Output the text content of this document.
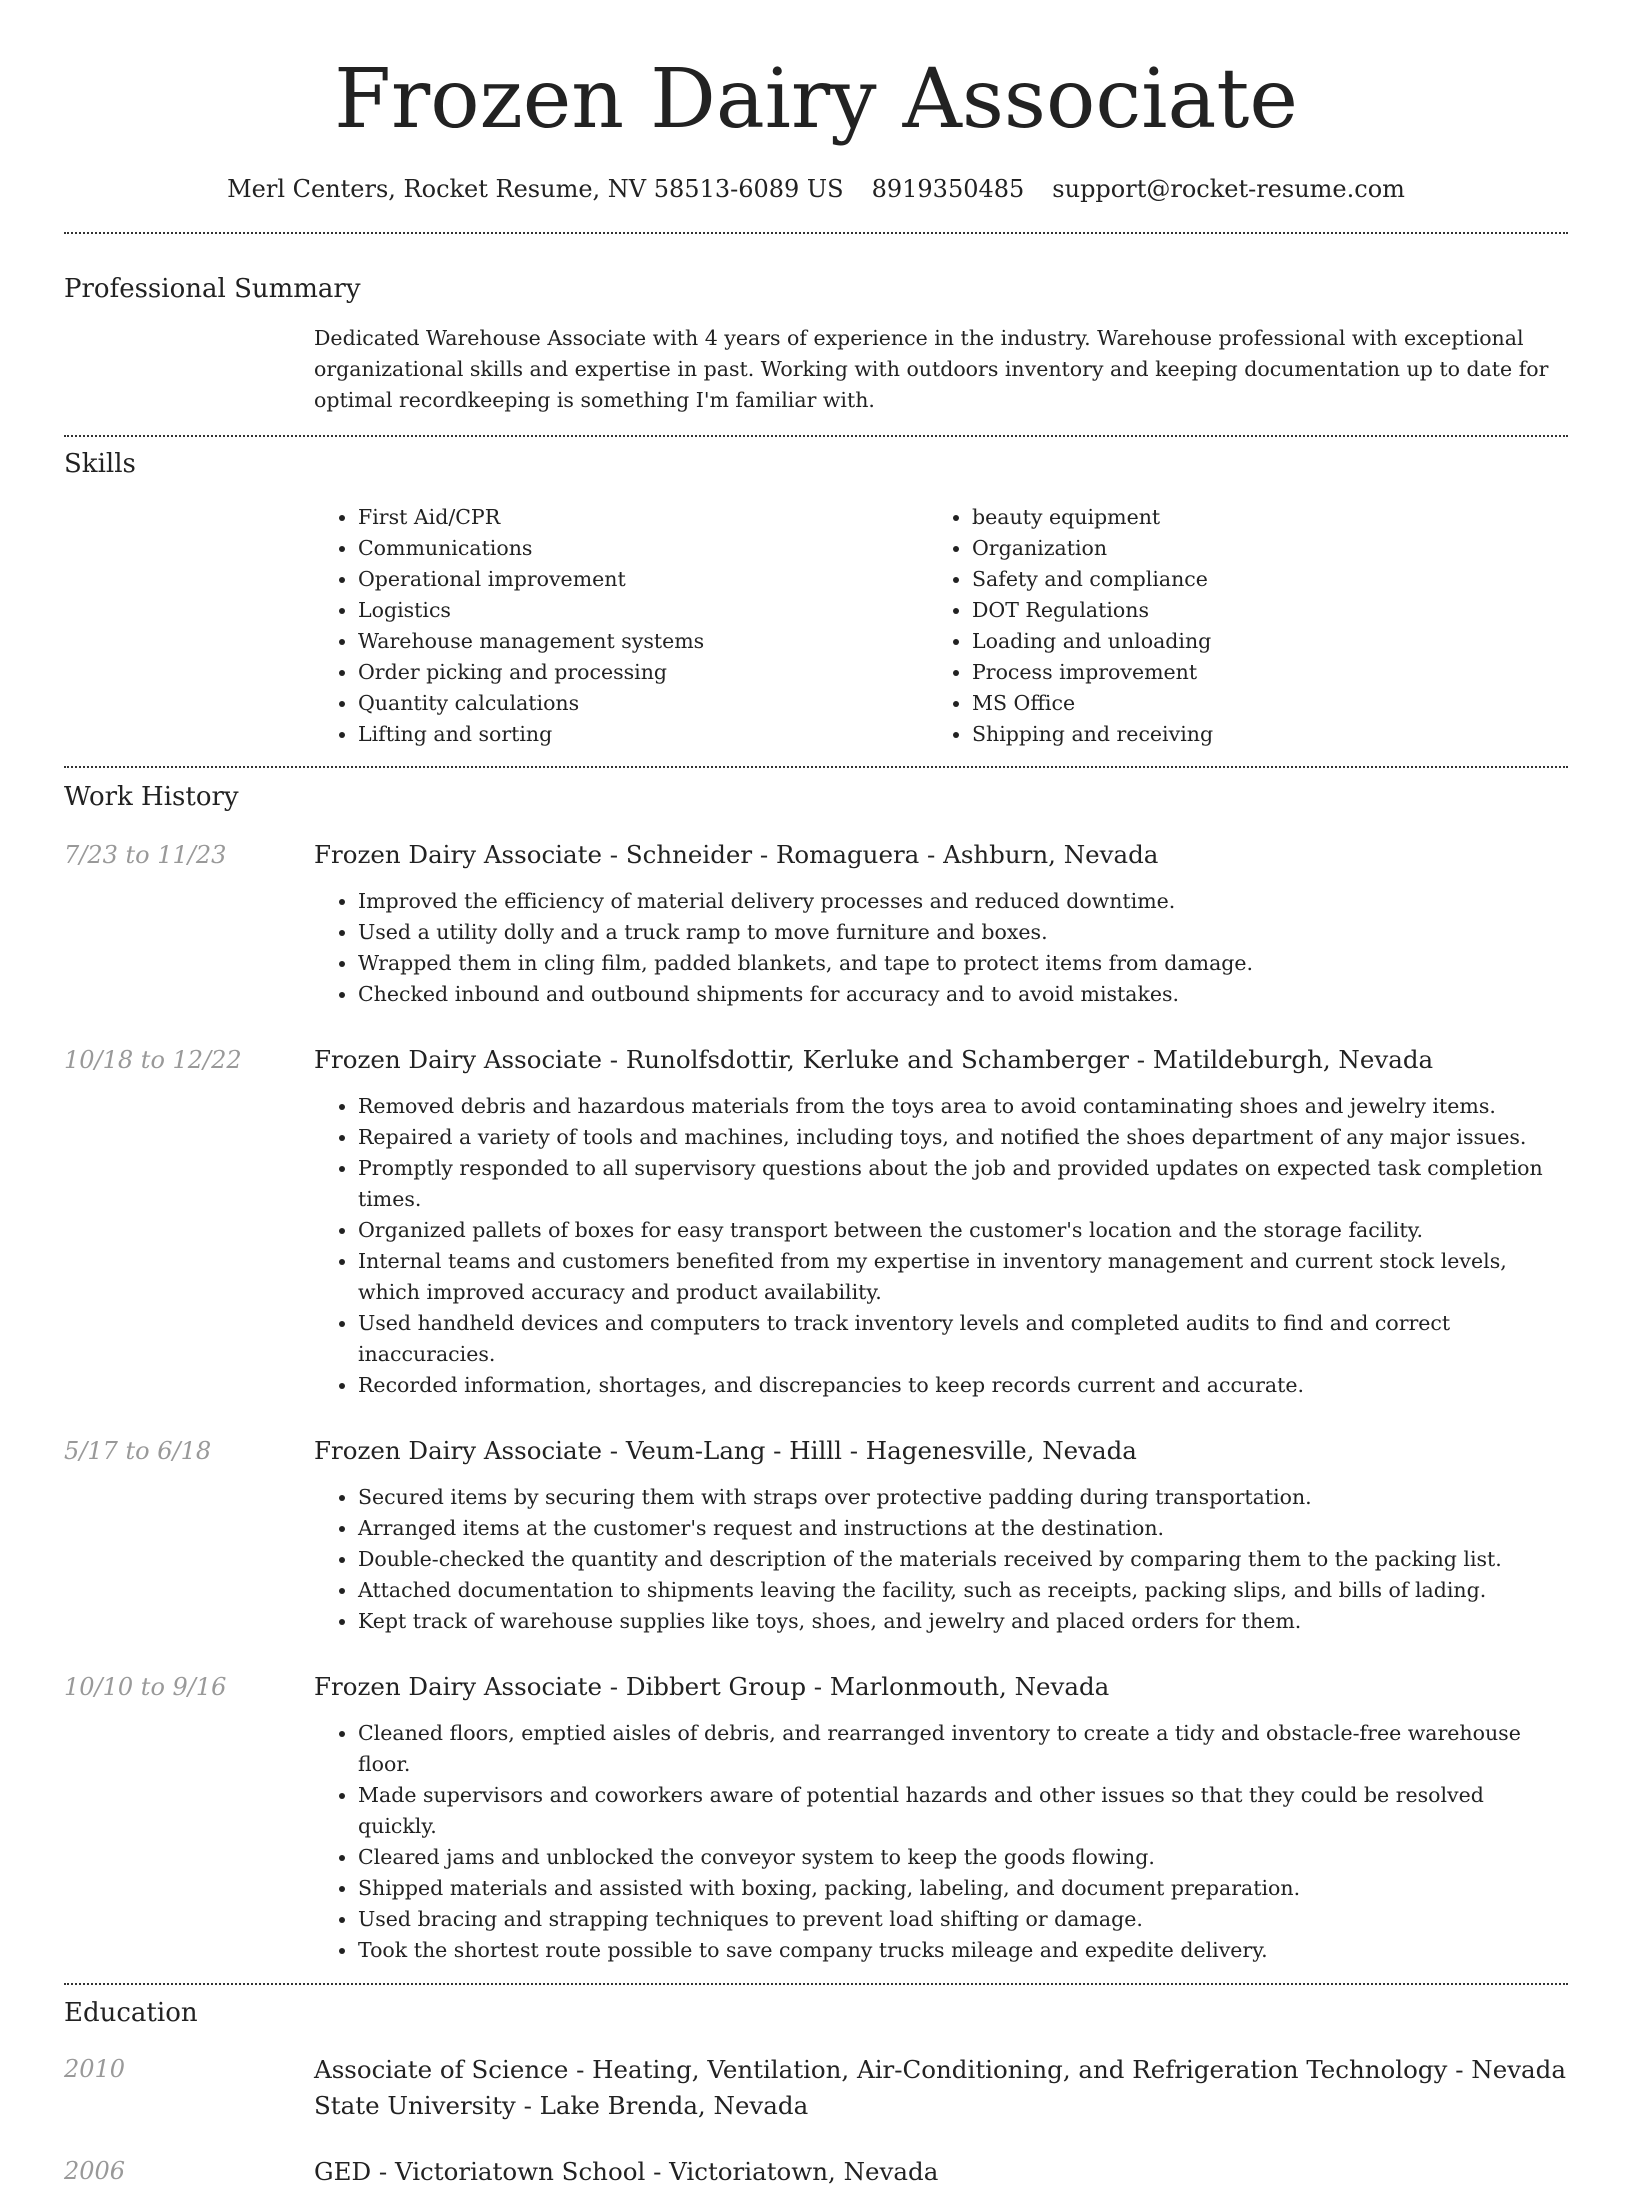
Frozen Dairy Associate
Merl Centers, Rocket Resume, NV 58513-6089 US 8919350485 support@rocket-resume.com
Professional Summary
Dedicated Warehouse Associate with 4 years of experience in the industry. Warehouse professional with exceptional organizational skills and expertise in past. Working with outdoors inventory and keeping documentation up to date for optimal recordkeeping is something I'm familiar with.
Skills
• First Aid/CPR
• Communications
• Operational improvement
• Logistics
• Warehouse management systems
• Order picking and processing
• Quantity calculations
• Lifting and sorting
• beauty equipment
• Organization
• Safety and compliance
• DOT Regulations
• Loading and unloading
• Process improvement
• MS Office
• Shipping and receiving
Work History
7/23 to 11/23	Frozen Dairy Associate - Schneider - Romaguera - Ashburn, Nevada
• Improved the efficiency of material delivery processes and reduced downtime.
• Used a utility dolly and a truck ramp to move furniture and boxes.
• Wrapped them in cling film, padded blankets, and tape to protect items from damage.
• Checked inbound and outbound shipments for accuracy and to avoid mistakes.
10/18 to 12/22	Frozen Dairy Associate - Runolfsdottir, Kerluke and Schamberger - Matildeburgh, Nevada
• Removed debris and hazardous materials from the toys area to avoid contaminating shoes and jewelry items.
• Repaired a variety of tools and machines, including toys, and notified the shoes department of any major issues.
• Promptly responded to all supervisory questions about the job and provided updates on expected task completion times.
• Organized pallets of boxes for easy transport between the customer's location and the storage facility.
• Internal teams and customers benefited from my expertise in inventory management and current stock levels, which improved accuracy and product availability.
• Used handheld devices and computers to track inventory levels and completed audits to find and correct inaccuracies.
• Recorded information, shortages, and discrepancies to keep records current and accurate.
5/17 to 6/18	Frozen Dairy Associate - Veum-Lang - Hilll - Hagenesville, Nevada
• Secured items by securing them with straps over protective padding during transportation.
• Arranged items at the customer's request and instructions at the destination.
• Double-checked the quantity and description of the materials received by comparing them to the packing list.
• Attached documentation to shipments leaving the facility, such as receipts, packing slips, and bills of lading.
• Kept track of warehouse supplies like toys, shoes, and jewelry and placed orders for them.
10/10 to 9/16	Frozen Dairy Associate - Dibbert Group - Marlonmouth, Nevada
• Cleaned floors, emptied aisles of debris, and rearranged inventory to create a tidy and obstacle-free warehouse floor.
• Made supervisors and coworkers aware of potential hazards and other issues so that they could be resolved quickly.
• Cleared jams and unblocked the conveyor system to keep the goods flowing.
• Shipped materials and assisted with boxing, packing, labeling, and document preparation.
• Used bracing and strapping techniques to prevent load shifting or damage.
• Took the shortest route possible to save company trucks mileage and expedite delivery.
Education
2010	Associate of Science - Heating, Ventilation, Air-Conditioning, and Refrigeration Technology - Nevada State University - Lake Brenda, Nevada
2006	GED - Victoriatown School - Victoriatown, Nevada
